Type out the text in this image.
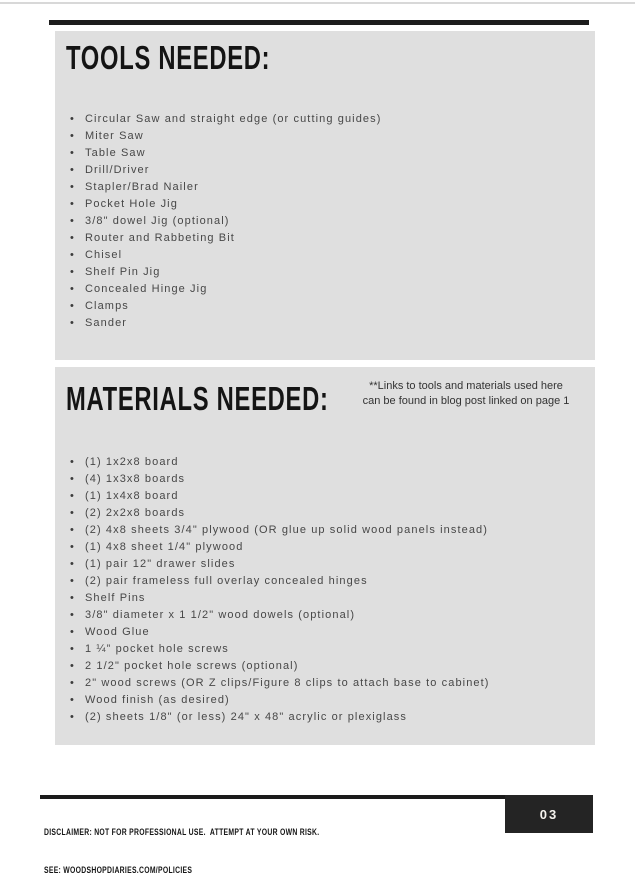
TOOLS NEEDED:
• Circular Saw and straight edge (or cutting guides)
• Miter Saw
• Table Saw
• Drill/Driver
• Stapler/Brad Nailer
• Pocket Hole Jig
• 3/8" dowel Jig (optional)
• Router and Rabbeting Bit
• Chisel
• Shelf Pin Jig
• Concealed Hinge Jig
• Clamps
• Sander
MATERIALS NEEDED:	**Links to tools and materials used here
can be found in blog post linked on page 1
• (1) 1x2x8 board
• (4) 1x3x8 boards
• (1) 1x4x8 board
• (2) 2x2x8 boards
• (2) 4x8 sheets 3/4" plywood (OR glue up solid wood panels instead)
• (1) 4x8 sheet 1/4" plywood
• (1) pair 12" drawer slides
• (2) pair frameless full overlay concealed hinges
• Shelf Pins
• 3/8" diameter x 1 1/2" wood dowels (optional)
• Wood Glue
• 1 ¼” pocket hole screws
• 2 1/2" pocket hole screws (optional)
• 2" wood screws (OR Z clips/Figure 8 clips to attach base to cabinet)
• Wood finish (as desired)
• (2) sheets 1/8" (or less) 24" x 48" acrylic or plexiglass

DISCLAIMER: NOT FOR PROFESSIONAL USE.  ATTEMPT AT YOUR OWN RISK.

SEE: WOODSHOPDIARIES.COM/POLICIES

03
